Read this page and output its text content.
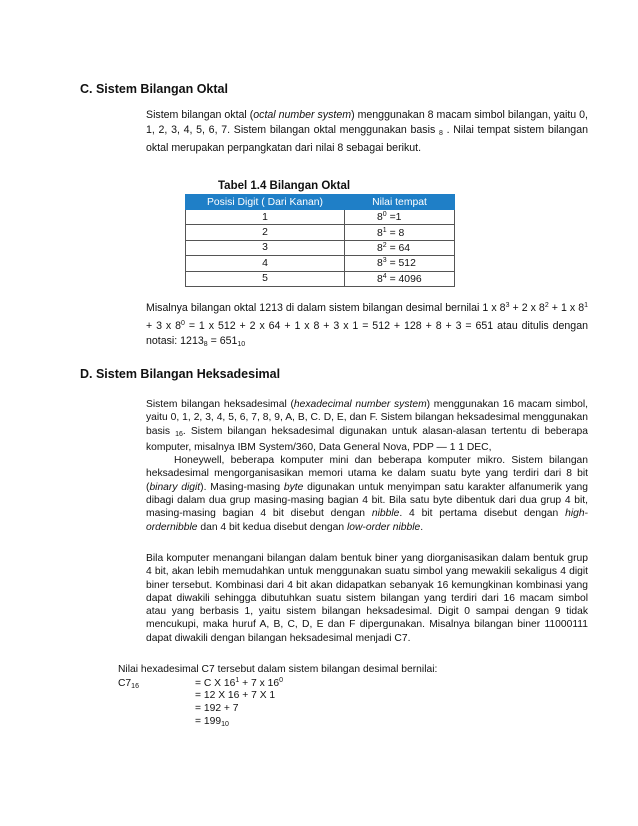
C. Sistem Bilangan Oktal
Sistem bilangan oktal (octal number system) menggunakan 8 macam simbol bilangan, yaitu 0, 1, 2, 3, 4, 5, 6, 7. Sistem bilangan oktal menggunakan basis $_8$ . Nilai tempat sistem bilangan oktal merupakan perpangkatan dari nilai 8 sebagai berikut.
Tabel 1.4 Bilangan Oktal
Posisi Digit ( Dari Kanan)	Nilai tempat
1	$8^0 =1$
2	$8^1 = 8$
3	$8^2 = 64$
4	$8^3 = 512$
5	$8^4 = 4096$
Misalnya bilangan oktal 1213 di dalam sistem bilangan desimal bernilai 1 x $8^3 + 2$ x $8^2 + 1$ x $8^1 + 3$ x $8^0 = 1$ x 512 + 2 x 64 + 1 x 8 + 3 x 1 = 512 + 128 + 8 + 3 = 651 atau ditulis dengan notasi: $1213_8 = 651_{10}$
D. Sistem Bilangan Heksadesimal
Sistem bilangan heksadesimal (hexadecimal number system) menggunakan 16 macam simbol, yaitu 0, 1, 2, 3, 4, 5, 6, 7, 8, 9, A, B, C. D, E, dan F. Sistem bilangan heksadesimal menggunakan basis $_{16}$. Sistem bilangan heksadesimal digunakan untuk alasan-alasan tertentu di beberapa komputer, misalnya IBM System/360, Data General Nova, PDP — 1 1 DEC,
Honeywell, beberapa komputer mini dan beberapa komputer mikro. Sistem bilangan heksadesimal mengorganisasikan memori utama ke dalam suatu byte yang terdiri dari 8 bit (binary digit). Masing-masing byte digunakan untuk menyimpan satu karakter alfanumerik yang dibagi dalam dua grup masing-masing bagian 4 bit. Bila satu byte dibentuk dari dua grup 4 bit, masing-masing bagian 4 bit disebut dengan nibble. 4 bit pertama disebut dengan high-ordernibble dan 4 bit kedua disebut dengan low-order nibble.
Bila komputer menangani bilangan dalam bentuk biner yang diorganisasikan dalam bentuk grup 4 bit, akan lebih memudahkan untuk menggunakan suatu simbol yang mewakili sekaligus 4 digit biner tersebut. Kombinasi dari 4 bit akan didapatkan sebanyak 16 kemungkinan kombinasi yang dapat diwakili sehingga dibutuhkan suatu sistem bilangan yang terdiri dari 16 macam simbol atau yang berbasis 1, yaitu sistem bilangan heksadesimal. Digit 0 sampai dengan 9 tidak mencukupi, maka huruf A, B, C, D, E dan F dipergunakan. Misalnya bilangan biner 11000111 dapat diwakili dengan bilangan heksadesimal menjadi C7.
Nilai hexadesimal C7 tersebut dalam sistem bilangan desimal bernilai:
$C7_{16}$	= C X $16^1 + 7$ x $16^0$
= 12 X 16 + 7 X 1
= 192 + 7
= $199_{10}$
